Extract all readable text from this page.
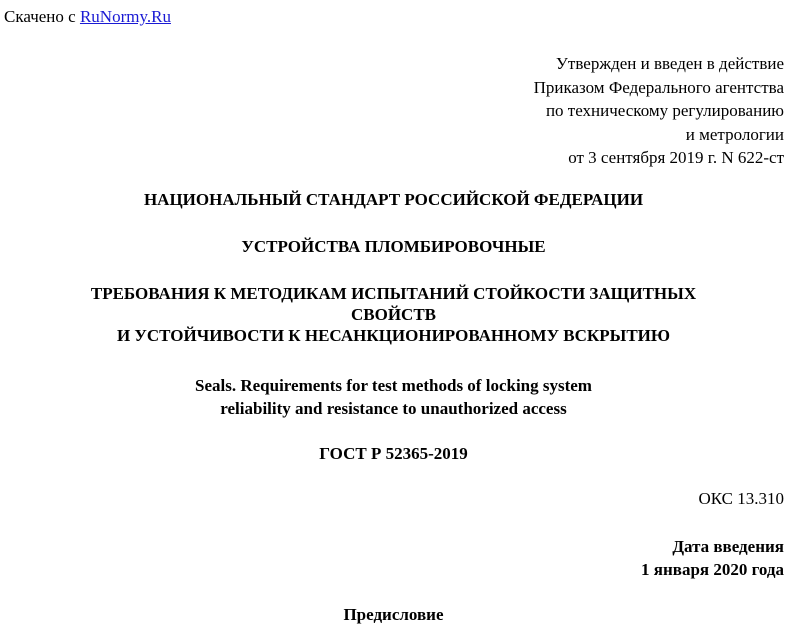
Скачено с RuNormy.Ru
Утвержден и введен в действие
Приказом Федерального агентства
по техническому регулированию
и метрологии
от 3 сентября 2019 г. N 622-ст
НАЦИОНАЛЬНЫЙ СТАНДАРТ РОССИЙСКОЙ ФЕДЕРАЦИИ
УСТРОЙСТВА ПЛОМБИРОВОЧНЫЕ
ТРЕБОВАНИЯ К МЕТОДИКАМ ИСПЫТАНИЙ СТОЙКОСТИ ЗАЩИТНЫХ
СВОЙСТВ
И УСТОЙЧИВОСТИ К НЕСАНКЦИОНИРОВАННОМУ ВСКРЫТИЮ
Seals. Requirements for test methods of locking system
reliability and resistance to unauthorized access
ГОСТ Р 52365-2019
ОКС 13.310
Дата введения
1 января 2020 года
Предисловие
